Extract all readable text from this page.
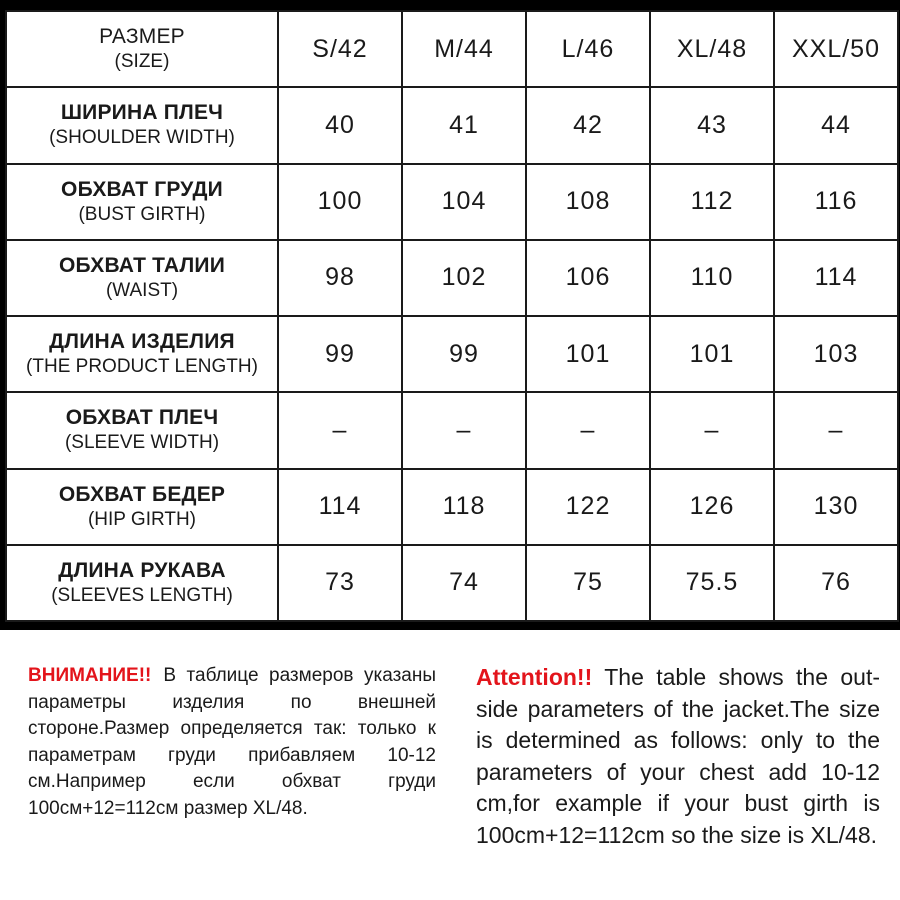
РАЗМЕР
(SIZE)	S/42	M/44	L/46	XL/48	XXL/50

ШИРИНА ПЛЕЧ
(SHOULDER WIDTH)	40	41	42	43	44

ОБХВАТ ГРУДИ
(BUST GIRTH)	100	104	108	112	116

ОБХВАТ ТАЛИИ
(WAIST)	98	102	106	110	114

ДЛИНА ИЗДЕЛИЯ
(THE PRODUCT LENGTH)	99	99	101	101	103

ОБХВАТ ПЛЕЧ
(SLEEVE WIDTH)	–	–	–	–	–

ОБХВАТ БЕДЕР
(HIP GIRTH)	114	118	122	126	130

ДЛИНА РУКАВА
(SLEEVES LENGTH)	73	74	75	75.5	76
ВНИМАНИЕ!! В таблице размеров указаны параметры изделия по внешней стороне.Размер определяется так: только к параметрам груди прибавляем 10-12 см.Например если обхват груди 100см+12=112см размер XL/48.
Attention!! The table shows the out-side parameters of the jacket.The size is determined as follows: only to the parameters of your chest add 10-12 cm,for example if your bust girth is 100cm+12=112cm so the size is XL/48.
